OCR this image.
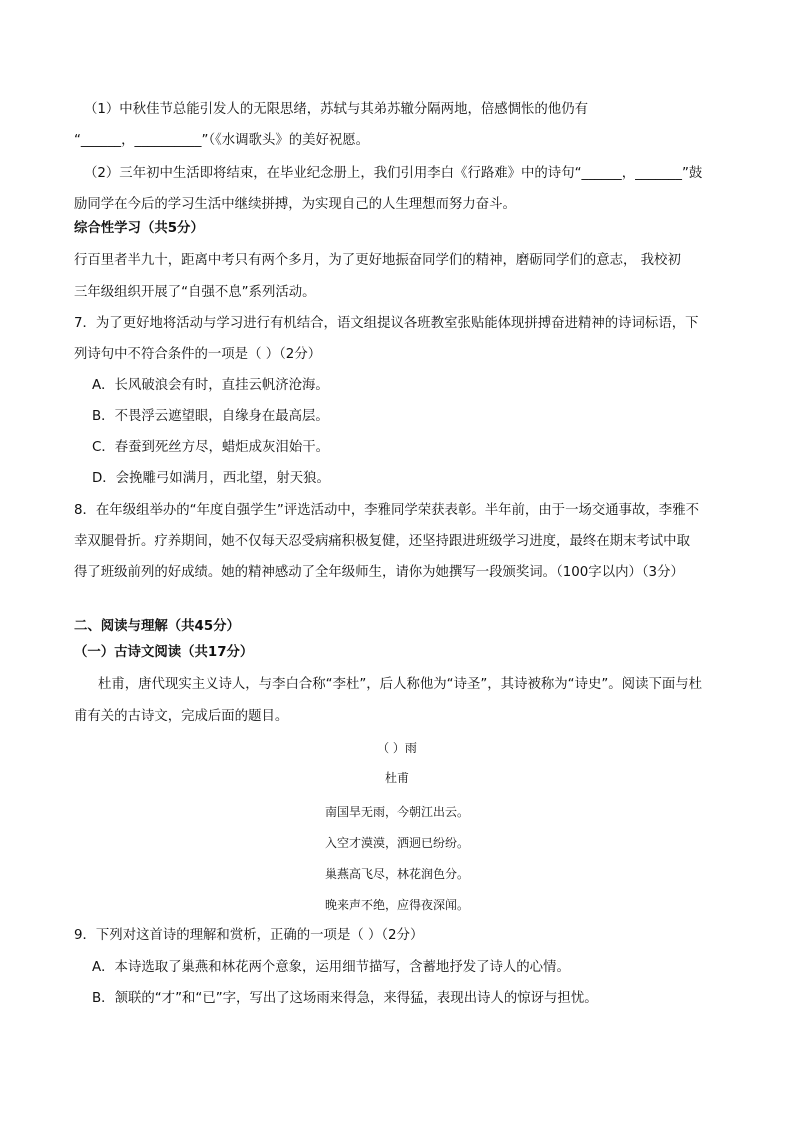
（1）中秋佳节总能引发人的无限思绪，苏轼与其弟苏辙分隔两地，倍感惆怅的他仍有
“______，__________”（《水调歌头》的美好祝愿。
（2）三年初中生活即将结束，在毕业纪念册上，我们引用李白《行路难》中的诗句“______，_______”鼓
励同学在今后的学习生活中继续拼搏，为实现自己的人生理想而努力奋斗。
综合性学习（共5分）
行百里者半九十，距离中考只有两个多月，为了更好地振奋同学们的精神，磨砺同学们的意志， 我校初
三年级组织开展了“自强不息”系列活动。
7．为了更好地将活动与学习进行有机结合，语文组提议各班教室张贴能体现拼搏奋进精神的诗词标语，下
列诗句中不符合条件的一项是（ ）（2分）
A．长风破浪会有时，直挂云帆济沧海。
B．不畏浮云遮望眼，自缘身在最高层。
C．春蚕到死丝方尽，蜡炬成灰泪始干。
D．会挽雕弓如满月，西北望，射天狼。
8．在年级组举办的“年度自强学生”评选活动中，李雅同学荣获表彰。半年前，由于一场交通事故，李雅不
幸双腿骨折。疗养期间，她不仅每天忍受病痛积极复健，还坚持跟进班级学习进度，最终在期末考试中取
得了班级前列的好成绩。她的精神感动了全年级师生，请你为她撰写一段颁奖词。（100字以内）（3分）
二、阅读与理解（共45分）
（一）古诗文阅读（共17分）
杜甫，唐代现实主义诗人，与李白合称“李杜”，后人称他为“诗圣”，其诗被称为“诗史”。阅读下面与杜
甫有关的古诗文，完成后面的题目。
（ ）雨
杜甫
南国旱无雨，今朝江出云。
入空才漠漠，洒迥已纷纷。
巢燕高飞尽，林花润色分。
晚来声不绝，应得夜深闻。
9．下列对这首诗的理解和赏析，正确的一项是（ ）（2分）
A．本诗选取了巢燕和林花两个意象，运用细节描写，含蓄地抒发了诗人的心情。
B．颔联的“才”和“已”字，写出了这场雨来得急，来得猛，表现出诗人的惊讶与担忧。
